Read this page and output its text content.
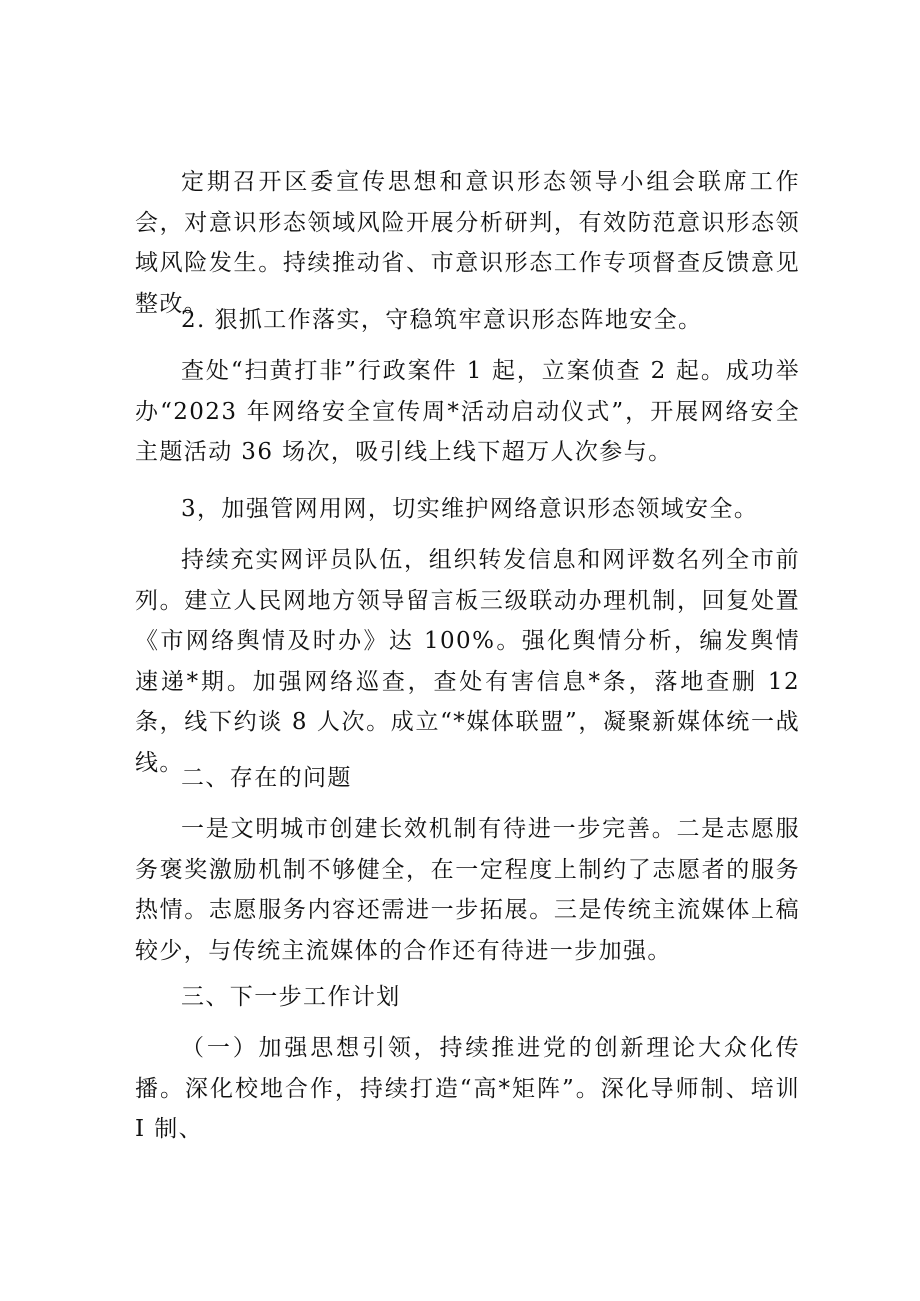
定期召开区委宣传思想和意识形态领导小组会联席工作会，对意识形态领域风险开展分析研判，有效防范意识形态领域风险发生。持续推动省、市意识形态工作专项督查反馈意见整改。

2. 狠抓工作落实，守稳筑牢意识形态阵地安全。

查处“扫黄打非”行政案件 1 起，立案侦查 2 起。成功举办“2023 年网络安全宣传周*活动启动仪式”，开展网络安全主题活动 36 场次，吸引线上线下超万人次参与。

3，加强管网用网，切实维护网络意识形态领域安全。

持续充实网评员队伍，组织转发信息和网评数名列全市前列。建立人民网地方领导留言板三级联动办理机制，回复处置《市网络舆情及时办》达 100%。强化舆情分析，编发舆情速递*期。加强网络巡查，查处有害信息*条，落地查删 12 条，线下约谈 8 人次。成立“*媒体联盟”，凝聚新媒体统一战线。

二、存在的问题

一是文明城市创建长效机制有待进一步完善。二是志愿服务褒奖激励机制不够健全，在一定程度上制约了志愿者的服务热情。志愿服务内容还需进一步拓展。三是传统主流媒体上稿较少，与传统主流媒体的合作还有待进一步加强。

三、下一步工作计划

（一）加强思想引领，持续推进党的创新理论大众化传播。深化校地合作，持续打造“高*矩阵”。深化导师制、培训 I 制、
